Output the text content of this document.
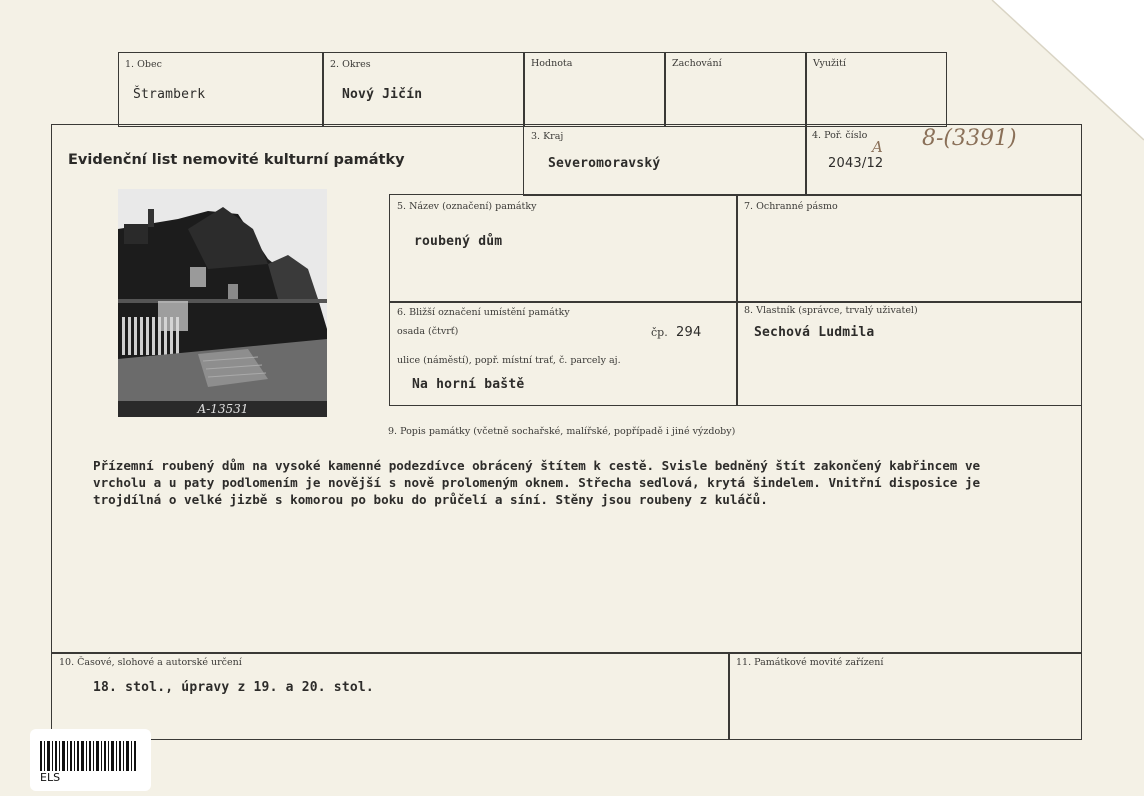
1. Obec
Štramberk
2. Okres
Nový Jičín
Hodnota	Zachování	Využití
Evidenční list nemovité kulturní památky
3. Kraj
Severomoravský
4. Poř. číslo
2043/12
A 8-(3391)
5. Název (označení) památky
roubený dům
7. Ochranné pásmo
6. Bližší označení umístění památky
osada (čtvrť)	čp. 294
ulice (náměstí), popř. místní trať, č. parcely aj.
Na horní baště
8. Vlastník (správce, trvalý uživatel)
Sechová Ludmila
9. Popis památky (včetně sochařské, malířské, popřípadě i jiné výzdoby)
Přízemní roubený dům na vysoké kamenné podezdívce obrácený štítem k cestě. Svisle bedněný štít zakončený kabřincem ve
vrcholu a u paty podlomením je novější s nově prolomeným oknem. Střecha sedlová, krytá šindelem. Vnitřní disposice je
trojdílná o velké jizbě s komorou po boku do průčelí a síní. Stěny jsou roubeny z kuláčů.
10. Časové, slohové a autorské určení
18. stol., úpravy z 19. a 20. stol.
11. Památkové movité zařízení
A-13531
ELS
